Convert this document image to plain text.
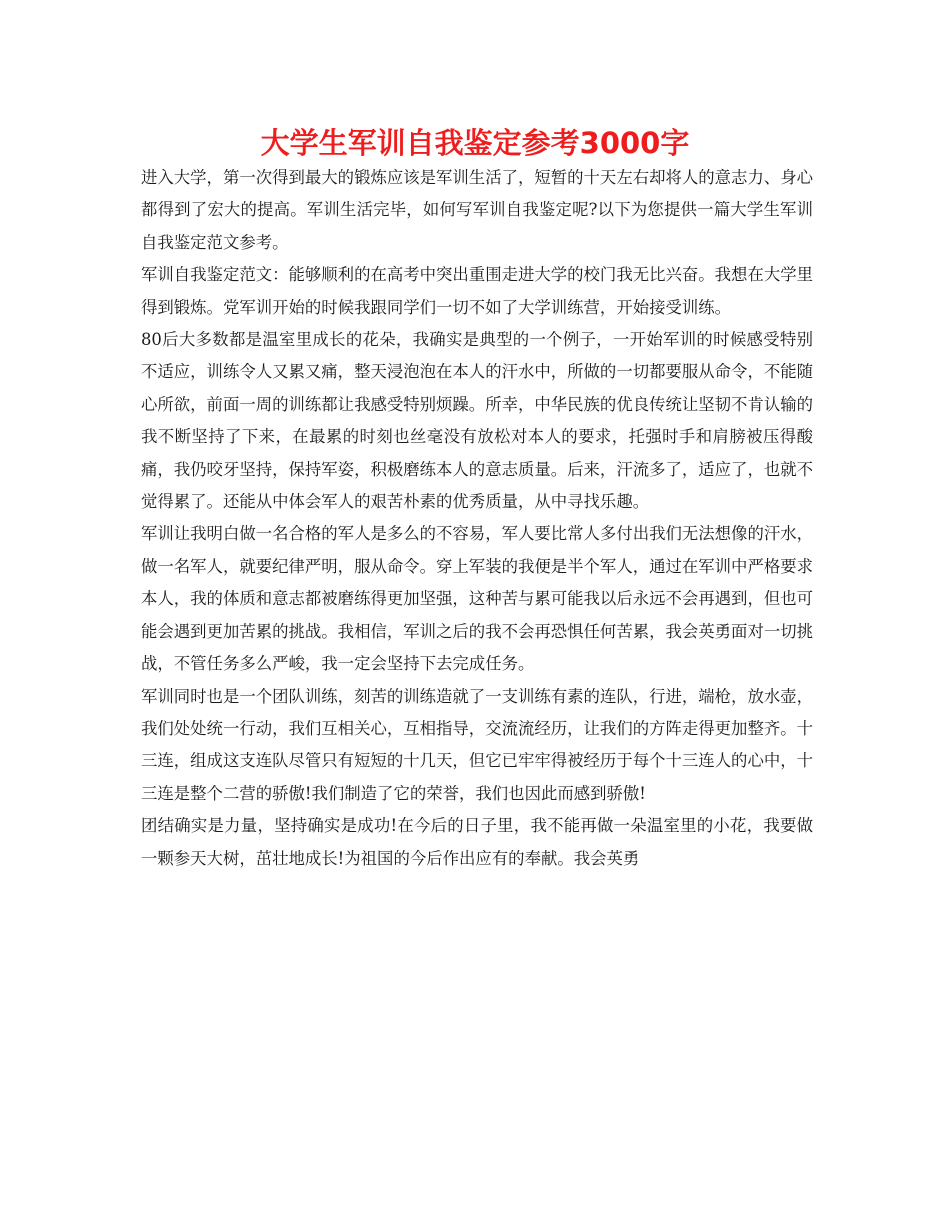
大学生军训自我鉴定参考3000字

进入大学，第一次得到最大的锻炼应该是军训生活了，短暂的十天左右却将人的意志力、身心都得到了宏大的提高。军训生活完毕，如何写军训自我鉴定呢?以下为您提供一篇大学生军训自我鉴定范文参考。

军训自我鉴定范文：能够顺利的在高考中突出重围走进大学的校门我无比兴奋。我想在大学里得到锻炼。党军训开始的时候我跟同学们一切不如了大学训练营，开始接受训练。

80后大多数都是温室里成长的花朵，我确实是典型的一个例子，一开始军训的时候感受特别不适应，训练令人又累又痛，整天浸泡泡在本人的汗水中，所做的一切都要服从命令，不能随心所欲，前面一周的训练都让我感受特别烦躁。所幸，中华民族的优良传统让坚韧不肯认输的我不断坚持了下来，在最累的时刻也丝毫没有放松对本人的要求，托强时手和肩膀被压得酸痛，我仍咬牙坚持，保持军姿，积极磨练本人的意志质量。后来，汗流多了，适应了，也就不觉得累了。还能从中体会军人的艰苦朴素的优秀质量，从中寻找乐趣。

军训让我明白做一名合格的军人是多么的不容易，军人要比常人多付出我们无法想像的汗水，做一名军人，就要纪律严明，服从命令。穿上军装的我便是半个军人，通过在军训中严格要求本人，我的体质和意志都被磨练得更加坚强，这种苦与累可能我以后永远不会再遇到，但也可能会遇到更加苦累的挑战。我相信，军训之后的我不会再恐惧任何苦累，我会英勇面对一切挑战，不管任务多么严峻，我一定会坚持下去完成任务。

军训同时也是一个团队训练，刻苦的训练造就了一支训练有素的连队，行进，端枪，放水壶，我们处处统一行动，我们互相关心，互相指导，交流流经历，让我们的方阵走得更加整齐。十三连，组成这支连队尽管只有短短的十几天，但它已牢牢得被经历于每个十三连人的心中，十三连是整个二营的骄傲!我们制造了它的荣誉，我们也因此而感到骄傲!

团结确实是力量，坚持确实是成功!在今后的日子里，我不能再做一朵温室里的小花，我要做一颗参天大树，茁壮地成长!为祖国的今后作出应有的奉献。我会英勇
